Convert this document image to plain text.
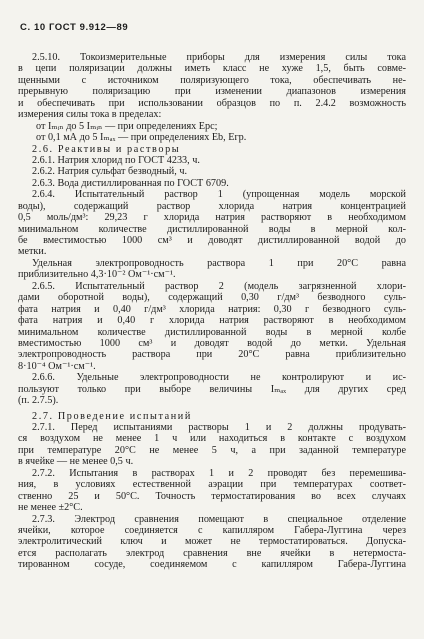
С. 10 ГОСТ 9.912—89
2.5.10. Токоизмерительные приборы для измерения силы тока
в цепи поляризации должны иметь класс не хуже 1,5, быть совме-
щенными с источником поляризующего тока, обеспечивать не-
прерывную поляризацию при изменении диапазонов измерения
и обеспечивать при использовании образцов по п. 2.4.2 возможность
измерения силы тока в пределах:
от Iₘᵢₙ до 5 Iₘᵢₙ — при определениях Eрс;
от 0,1 мА до 5 Iₘₐₓ — при определениях Eb, Eгр.
2.6. Реактивы и растворы
2.6.1. Натрия хлорид по ГОСТ 4233, ч.
2.6.2. Натрия сульфат безводный, ч.
2.6.3. Вода дистиллированная по ГОСТ 6709.
2.6.4. Испытательный раствор 1 (упрощенная модель морской
воды), содержащий раствор хлорида натрия концентрацией
0,5 моль/дм³: 29,23 г хлорида натрия растворяют в необходимом
минимальном количестве дистиллированной воды в мерной кол-
бе вместимостью 1000 см³ и доводят дистиллированной водой до
метки.
Удельная электропроводность раствора 1 при 20°С равна
приблизительно 4,3·10⁻² Ом⁻¹·см⁻¹.
2.6.5. Испытательный раствор 2 (модель загрязненной хлори-
дами оборотной воды), содержащий 0,30 г/дм³ безводного суль-
фата натрия и 0,40 г/дм³ хлорида натрия: 0,30 г безводного суль-
фата натрия и 0,40 г хлорида натрия растворяют в необходимом
минимальном количестве дистиллированной воды в мерной колбе
вместимостью 1000 см³ и доводят водой до метки. Удельная
электропроводность раствора при 20°С равна приблизительно
8·10⁻⁴ Ом⁻¹·см⁻¹.
2.6.6. Удельные электропроводности не контролируют и ис-
пользуют только при выборе величины Iₘₐₓ для других сред
(п. 2.7.5).
2.7. Проведение испытаний
2.7.1. Перед испытаниями растворы 1 и 2 должны продувать-
ся воздухом не менее 1 ч или находиться в контакте с воздухом
при температуре 20°С не менее 5 ч, а при заданной температуре
в ячейке — не менее 0,5 ч.
2.7.2. Испытания в растворах 1 и 2 проводят без перемешива-
ния, в условиях естественной аэрации при температурах соответ-
ственно 25 и 50°С. Точность термостатирования во всех случаях
не менее ±2°С.
2.7.3. Электрод сравнения помещают в специальное отделение
ячейки, которое соединяется с капилляром Габера-Луггина через
электролитический ключ и может не термостатироваться. Допуска-
ется располагать электрод сравнения вне ячейки в нетермоста-
тированном сосуде, соединяемом с капилляром Габера-Луггина
